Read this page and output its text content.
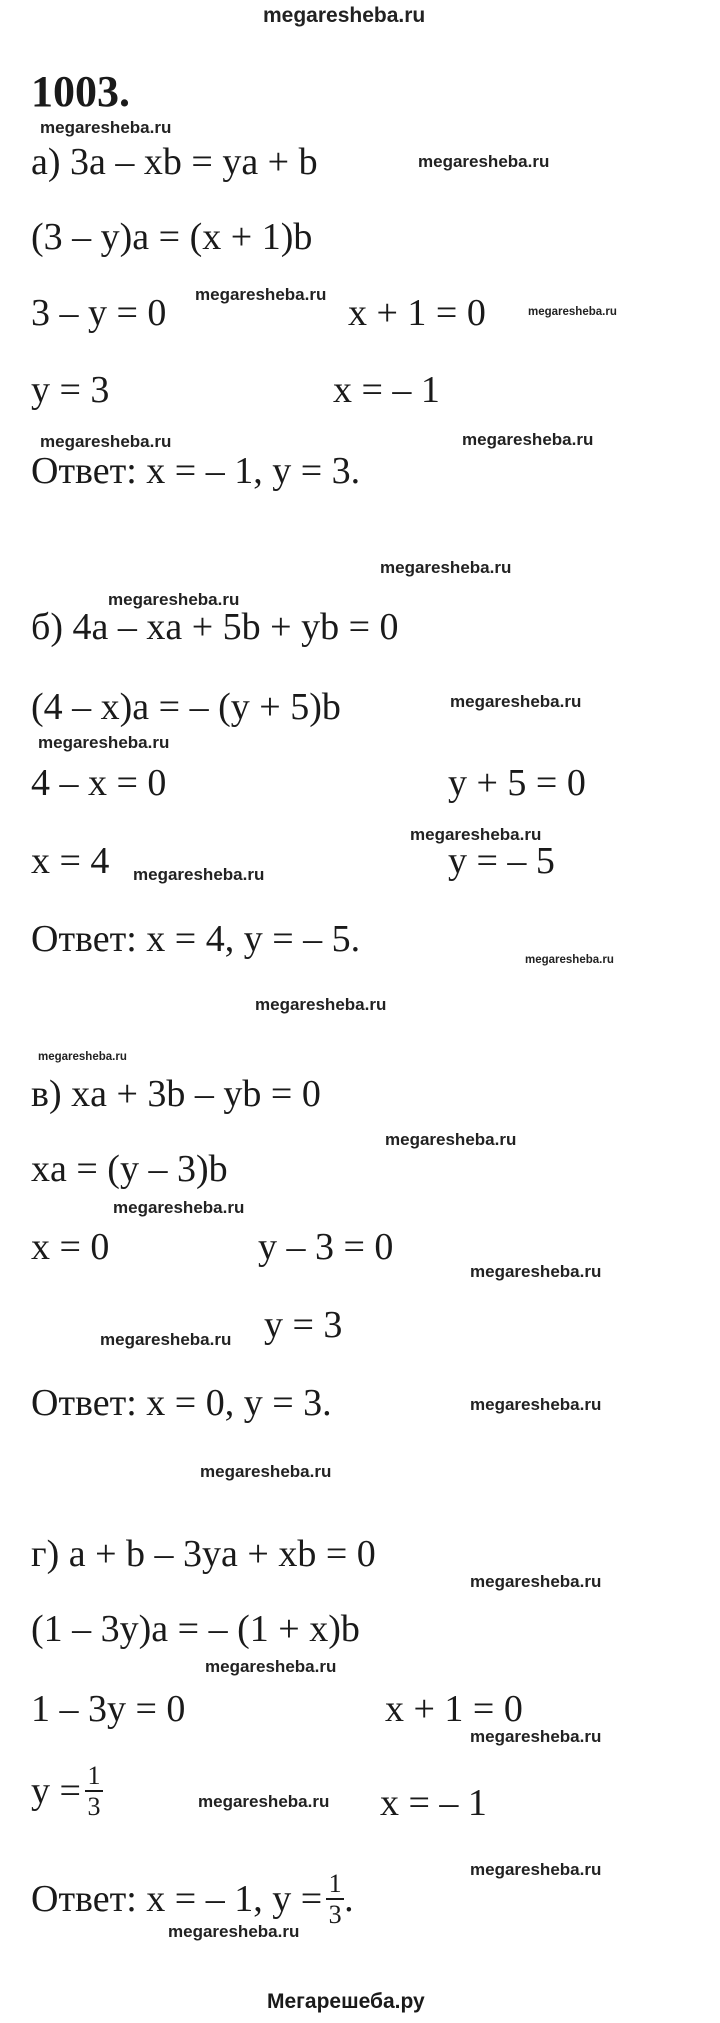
megaresheba.ru
Мегарешеба.ру
1003.
а) 3a – xb = ya + b
(3 – y)a = (x + 1)b
3 – y = 0	x + 1 = 0
y = 3	x = – 1
Ответ: x = – 1, y = 3.
б) 4a – xa + 5b + yb = 0
(4 – x)a = – (y + 5)b
4 – x = 0	y + 5 = 0
x = 4	y = – 5
Ответ: x = 4, y = – 5.
в) xa + 3b – yb = 0
xa = (y – 3)b
x = 0	y – 3 = 0
y = 3
Ответ: x = 0, y = 3.
г) a + b – 3ya + xb = 0
(1 – 3y)a = – (1 + x)b
1 – 3y = 0	x + 1 = 0
$y = \frac{1}{3}$	x = – 1
Ответ: x = – 1, $y = \frac{1}{3}$ .
megaresheba.ru
megaresheba.ru
megaresheba.ru
megaresheba.ru
megaresheba.ru	megaresheba.ru
megaresheba.ru
megaresheba.ru
megaresheba.ru
megaresheba.ru
megaresheba.ru
megaresheba.ru
megaresheba.ru
megaresheba.ru
megaresheba.ru
megaresheba.ru
megaresheba.ru
megaresheba.ru
megaresheba.ru
megaresheba.ru
megaresheba.ru
megaresheba.ru
megaresheba.ru
megaresheba.ru
megaresheba.ru
megaresheba.ru
megaresheba.ru
